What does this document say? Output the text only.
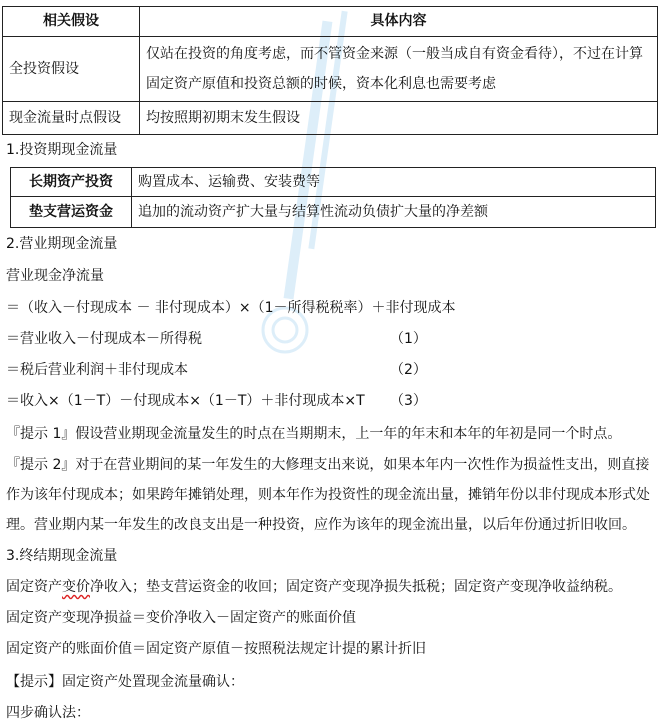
相关假设	具体内容
全投资假设	仅站在投资的角度考虑，而不管资金来源（一般当成自有资金看待），不过在计算固定资产原值和投资总额的时候，资本化利息也需要考虑
现金流量时点假设	均按照期初期末发生假设
1.投资期现金流量
长期资产投资	购置成本、运输费、安装费等
垫支营运资金	追加的流动资产扩大量与结算性流动负债扩大量的净差额
2.营业期现金流量
营业现金净流量
＝（收入－付现成本 － 非付现成本）×（1－所得税税率）＋非付现成本
＝营业收入－付现成本－所得税	（1）
＝税后营业利润＋非付现成本	（2）
＝收入×（1－T）－付现成本×（1－T）＋非付现成本×T （3）
『提示 1』假设营业期现金流量发生的时点在当期期末，上一年的年末和本年的年初是同一个时点。
『提示 2』对于在营业期间的某一年发生的大修理支出来说，如果本年内一次性作为损益性支出，则直接作为该年付现成本；如果跨年摊销处理，则本年作为投资性的现金流出量，摊销年份以非付现成本形式处理。营业期内某一年发生的改良支出是一种投资，应作为该年的现金流出量，以后年份通过折旧收回。
3.终结期现金流量
固定资产变价净收入；垫支营运资金的收回；固定资产变现净损失抵税；固定资产变现净收益纳税。
固定资产变现净损益＝变价净收入－固定资产的账面价值
固定资产的账面价值＝固定资产原值－按照税法规定计提的累计折旧
【提示】固定资产处置现金流量确认：
四步确认法：
